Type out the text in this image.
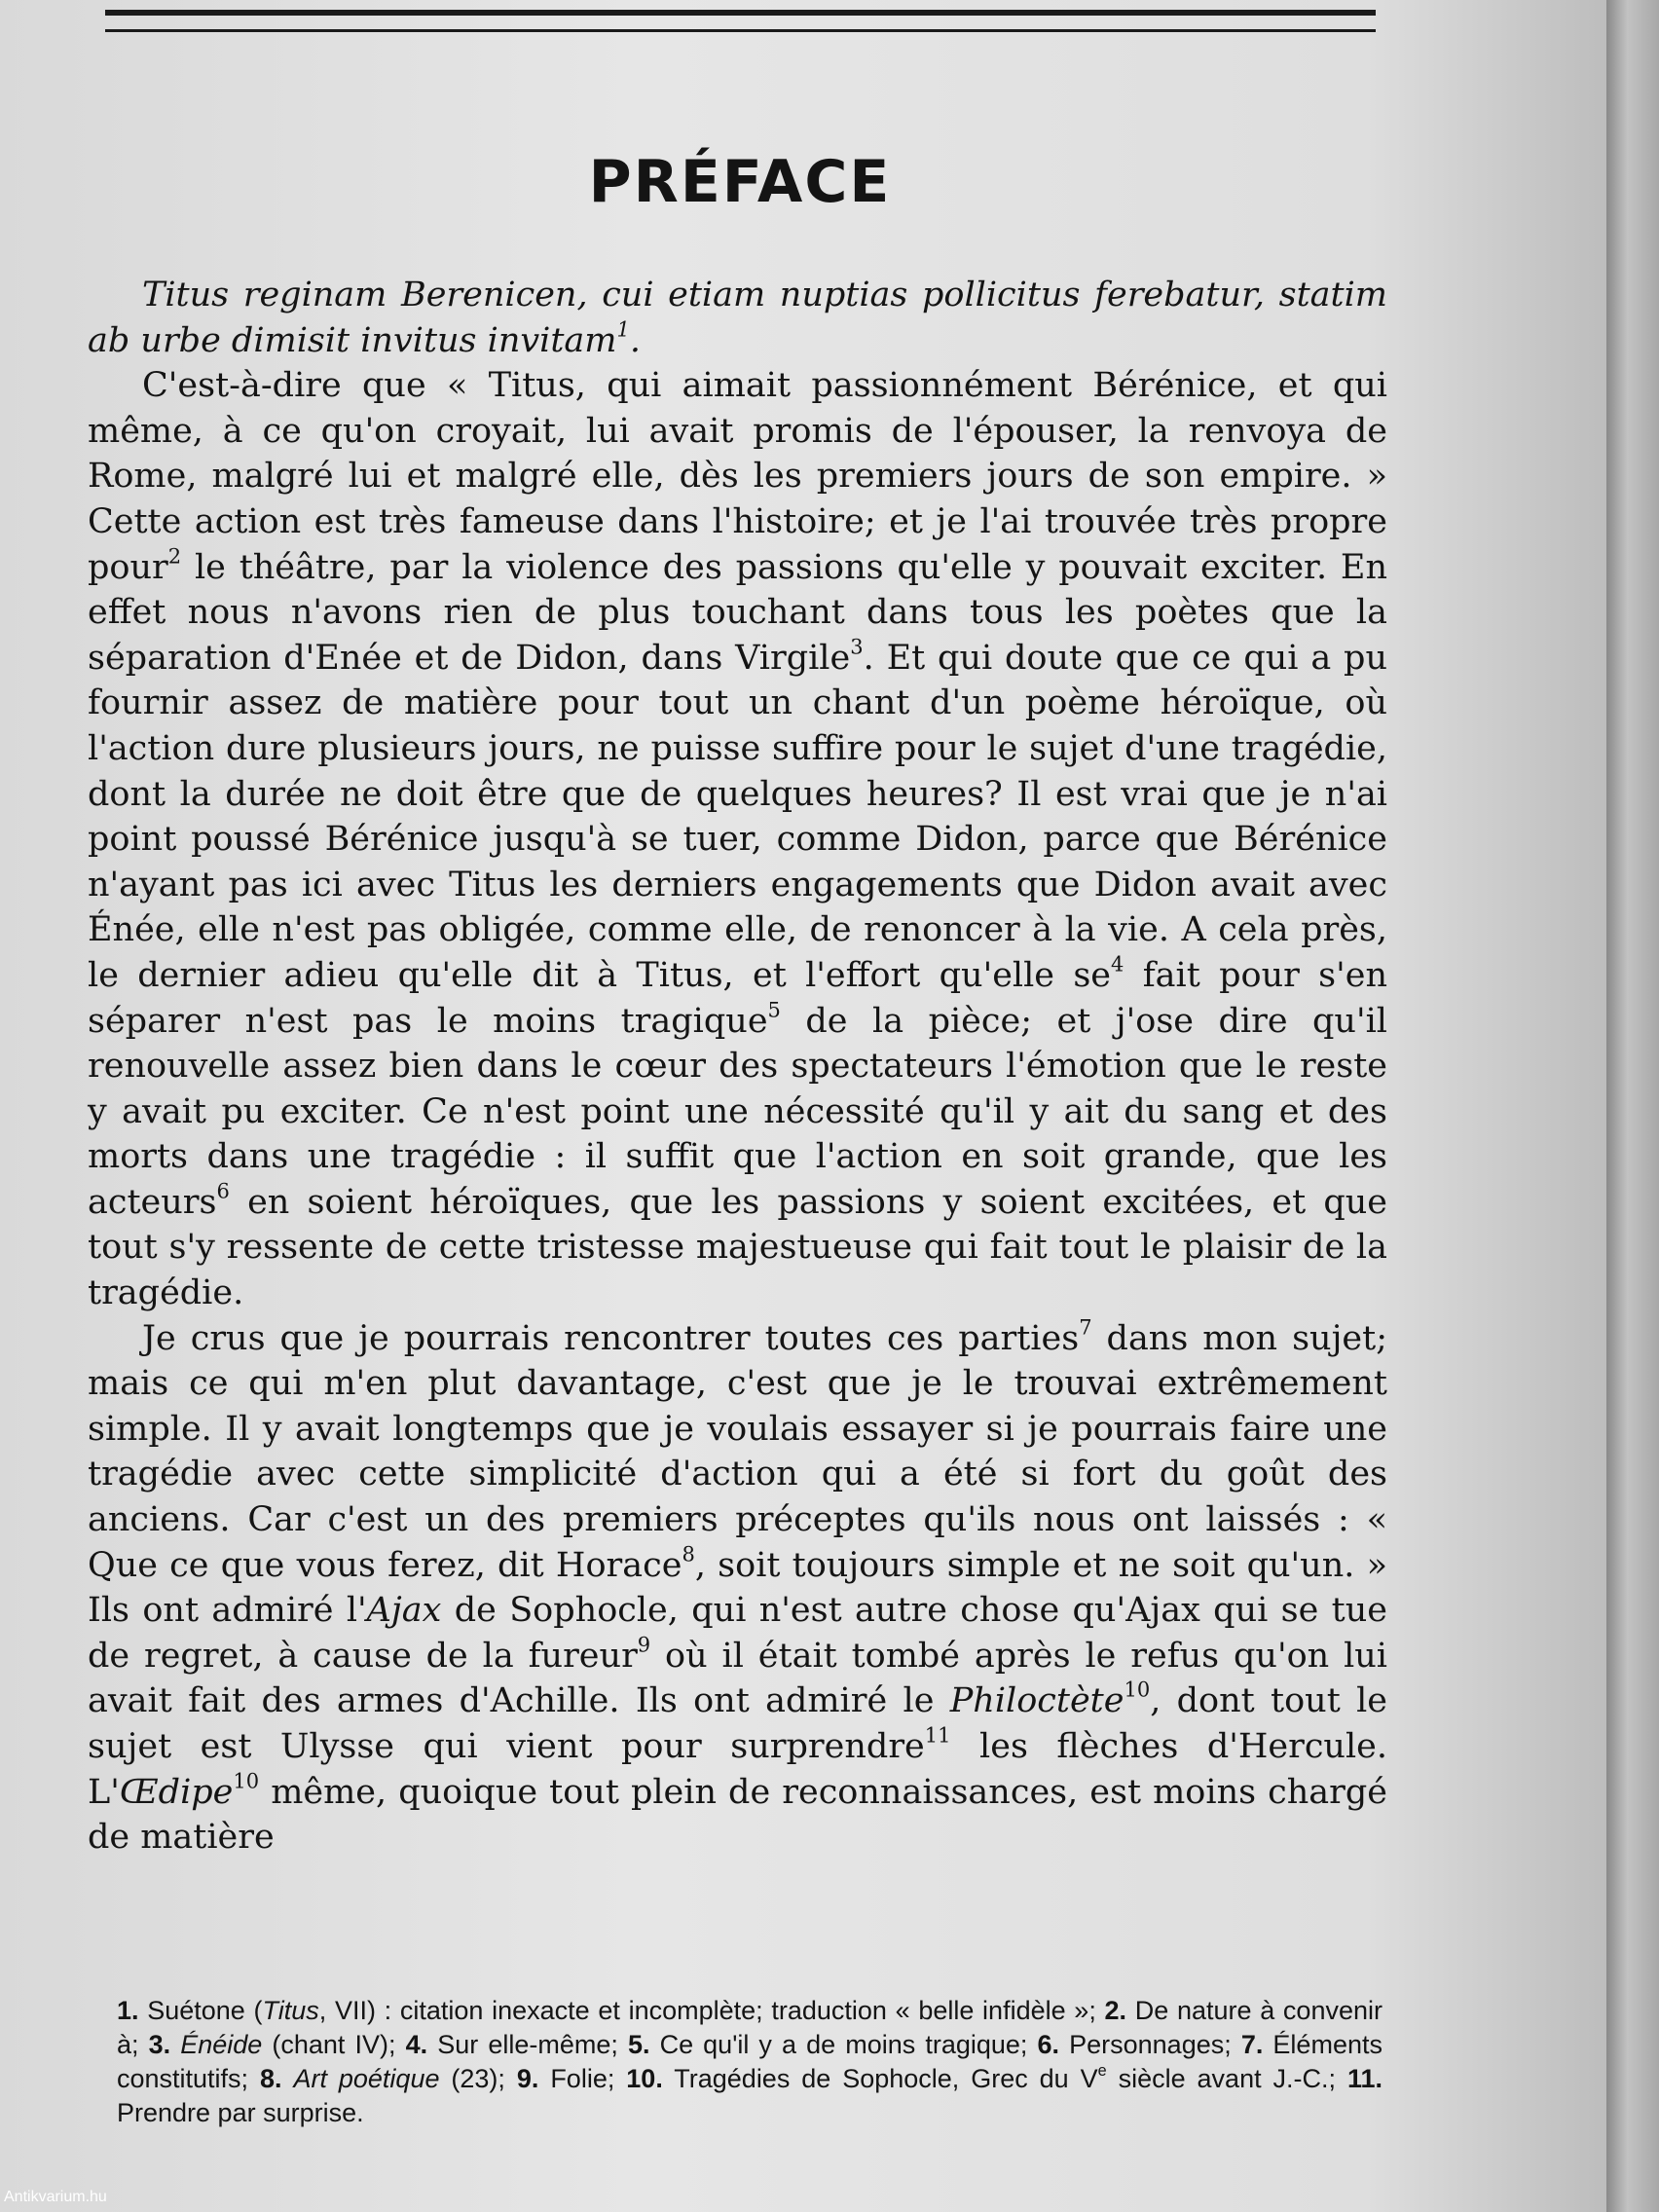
PRÉFACE

Titus reginam Berenicen, cui etiam nuptias pollicitus ferebatur, statim ab urbe dimisit invitus invitam$^1$.

C'est-à-dire que « Titus, qui aimait passionnément Bérénice, et qui même, à ce qu'on croyait, lui avait promis de l'épouser, la renvoya de Rome, malgré lui et malgré elle, dès les premiers jours de son empire. » Cette action est très fameuse dans l'histoire; et je l'ai trouvée très propre pour$^2$ le théâtre, par la violence des passions qu'elle y pouvait exciter. En effet nous n'avons rien de plus touchant dans tous les poètes que la séparation d'Enée et de Didon, dans Virgile$^3$. Et qui doute que ce qui a pu fournir assez de matière pour tout un chant d'un poème héroïque, où l'action dure plusieurs jours, ne puisse suffire pour le sujet d'une tragédie, dont la durée ne doit être que de quelques heures? Il est vrai que je n'ai point poussé Bérénice jusqu'à se tuer, comme Didon, parce que Bérénice n'ayant pas ici avec Titus les derniers engagements que Didon avait avec Énée, elle n'est pas obligée, comme elle, de renoncer à la vie. A cela près, le dernier adieu qu'elle dit à Titus, et l'effort qu'elle $se^4$ fait pour s'en séparer n'est pas le moins tragique$^5$ de la pièce; et j'ose dire qu'il renouvelle assez bien dans le cœur des spectateurs l'émotion que le reste y avait pu exciter. Ce n'est point une nécessité qu'il y ait du sang et des morts dans une tragédie : il suffit que l'action en soit grande, que les acteurs$^6$ en soient héroïques, que les passions y soient excitées, et que tout s'y ressente de cette tristesse majestueuse qui fait tout le plaisir de la tragédie.

Je crus que je pourrais rencontrer toutes ces parties$^7$ dans mon sujet; mais ce qui m'en plut davantage, c'est que je le trouvai extrêmement simple. Il y avait longtemps que je voulais essayer si je pourrais faire une tragédie avec cette simplicité d'action qui a été si fort du goût des anciens. Car c'est un des premiers préceptes qu'ils nous ont laissés : « Que ce que vous ferez, dit Horace$^8$, soit toujours simple et ne soit qu'un. » Ils ont admiré l'Ajax de Sophocle, qui n'est autre chose qu'Ajax qui se tue de regret, à cause de la fureur$^9$ où il était tombé après le refus qu'on lui avait fait des armes d'Achille. Ils ont admiré le Philoctète$^{10}$, dont tout le sujet est Ulysse qui vient pour surprendre$^{11}$ les flèches d'Hercule. L'Œdipe$^{10}$ même, quoique tout plein de reconnaissances, est moins chargé de matière

1. Suétone (Titus, VII) : citation inexacte et incomplète; traduction « belle infidèle »; 2. De nature à convenir à; 3. Énéide (chant IV); 4. Sur elle-même; 5. Ce qu'il y a de moins tragique; 6. Personnages; 7. Éléments constitutifs; 8. Art poétique (23); 9. Folie; 10. Tragédies de Sophocle, Grec du Ve siècle avant J.-C.; 11. Prendre par surprise.

Antikvarium.hu
